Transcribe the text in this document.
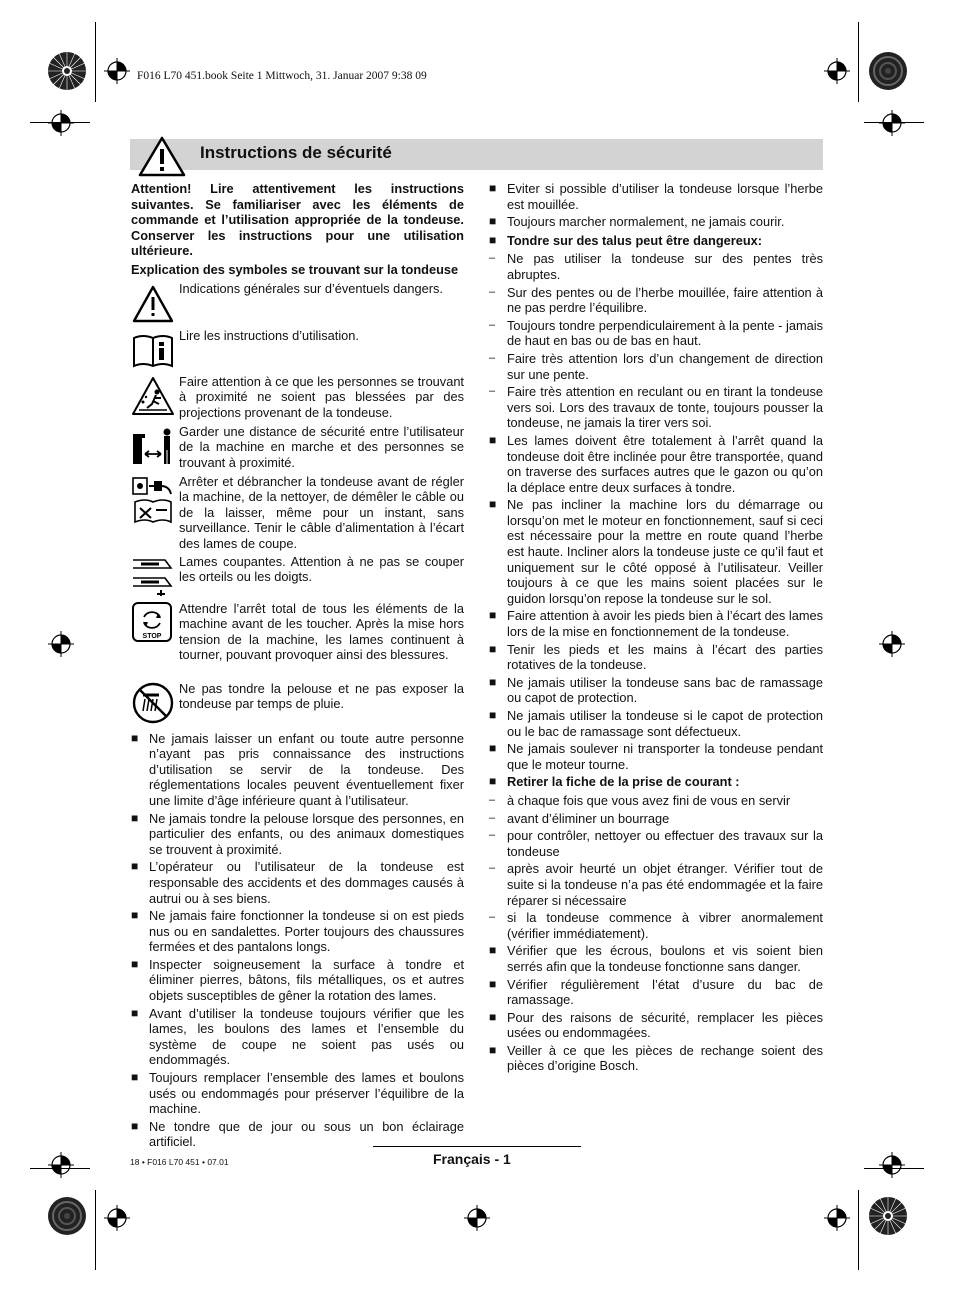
F016 L70 451.book Seite 1 Mittwoch, 31. Januar 2007 9:38 09
Instructions de sécurité

Attention! Lire attentivement les instructions suivantes. Se familiariser avec les éléments de commande et l’utilisation appropriée de la tondeuse. Conserver les instructions pour une utilisation ultérieure.

Explication des symboles se trouvant sur la tondeuse

Indications générales sur d’éventuels dangers.
Lire les instructions d’utilisation.
Faire attention à ce que les personnes se trouvant à proximité ne soient pas blessées par des projections provenant de la tondeuse.
Garder une distance de sécurité entre l’utilisateur de la machine en marche et des personnes se trouvant à proximité.
Arrêter et débrancher la tondeuse avant de régler la machine, de la nettoyer, de démêler le câble ou de la laisser, même pour un instant, sans surveillance. Tenir le câble d’alimentation à l’écart des lames de coupe.
Lames coupantes. Attention à ne pas se couper les orteils ou les doigts.
STOP
Attendre l’arrêt total de tous les éléments de la machine avant de les toucher. Après la mise hors tension de la machine, les lames continuent à tourner, pouvant provoquer ainsi des blessures.
Ne pas tondre la pelouse et ne pas exposer la tondeuse par temps de pluie.
■
Ne jamais laisser un enfant ou toute autre personne n’ayant pas pris connaissance des instructions d’utilisation se servir de la tondeuse. Des réglementations locales peuvent éventuellement fixer une limite d’âge inférieure quant à l’utilisateur.
■
Ne jamais tondre la pelouse lorsque des personnes, en particulier des enfants, ou des animaux domestiques se trouvent à proximité.
■
L’opérateur ou l’utilisateur de la tondeuse est responsable des accidents et des dommages causés à autrui ou à ses biens.
■
Ne jamais faire fonctionner la tondeuse si on est pieds nus ou en sandalettes. Porter toujours des chaussures fermées et des pantalons longs.
■
Inspecter soigneusement la surface à tondre et éliminer pierres, bâtons, fils métalliques, os et autres objets susceptibles de gêner la rotation des lames.
■
Avant d’utiliser la tondeuse toujours vérifier que les lames, les boulons des lames et l’ensemble du système de coupe ne soient pas usés ou endommagés.
■
Toujours remplacer l’ensemble des lames et boulons usés ou endommagés pour préserver l’équilibre de la machine.
■
Ne tondre que de jour ou sous un bon éclairage artificiel.
■
Eviter si possible d’utiliser la tondeuse lorsque l’herbe est mouillée.
■
Toujours marcher normalement, ne jamais courir.
■
Tondre sur des talus peut être dangereux:
–
Ne pas utiliser la tondeuse sur des pentes très abruptes.
–
Sur des pentes ou de l’herbe mouillée, faire attention à ne pas perdre l’équilibre.
–
Toujours tondre perpendiculairement à la pente - jamais de haut en bas ou de bas en haut.
–
Faire très attention lors d’un changement de direction sur une pente.
–
Faire très attention en reculant ou en tirant la tondeuse vers soi. Lors des travaux de tonte, toujours pousser la tondeuse, ne jamais la tirer vers soi.
■
Les lames doivent être totalement à l’arrêt quand la tondeuse doit être inclinée pour être transportée, quand on traverse des surfaces autres que le gazon ou qu’on la déplace entre deux surfaces à tondre.
■
Ne pas incliner la machine lors du démarrage ou lorsqu’on met le moteur en fonctionnement, sauf si ceci est nécessaire pour la mettre en route quand l’herbe est haute. Incliner alors la tondeuse juste ce qu’il faut et uniquement sur le côté opposé à l’utilisateur. Veiller toujours à ce que les mains soient placées sur le guidon lorsqu’on repose la tondeuse sur le sol.
■
Faire attention à avoir les pieds bien à l’écart des lames lors de la mise en fonctionnement de la tondeuse.
■
Tenir les pieds et les mains à l’écart des parties rotatives de la tondeuse.
■
Ne jamais utiliser la tondeuse sans bac de ramassage ou capot de protection.
■
Ne jamais utiliser la tondeuse si le capot de protection ou le bac de ramassage sont défectueux.
■
Ne jamais soulever ni transporter la tondeuse pendant que le moteur tourne.
■
Retirer la fiche de la prise de courant :
–
à chaque fois que vous avez fini de vous en servir
–
avant d’éliminer un bourrage
–
pour contrôler, nettoyer ou effectuer des travaux sur la tondeuse
–
après avoir heurté un objet étranger. Vérifier tout de suite si la tondeuse n’a pas été endommagée et la faire réparer si nécessaire
–
si la tondeuse commence à vibrer anormalement (vérifier immédiatement).
■
Vérifier que les écrous, boulons et vis soient bien serrés afin que la tondeuse fonctionne sans danger.
■
Vérifier régulièrement l’état d’usure du bac de ramassage.
■
Pour des raisons de sécurité, remplacer les pièces usées ou endommagées.
■
Veiller à ce que les pièces de rechange soient des pièces d’origine Bosch.
Français - 1
18 • F016 L70 451 • 07.01
